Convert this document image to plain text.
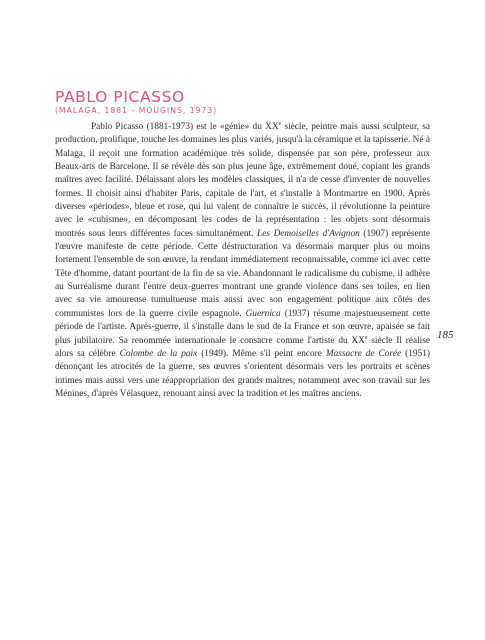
PABLO PICASSO

(MALAGA, 1881 - MOUGINS, 1973)

Pablo Picasso (1881-1973) est le «génie» du XXe siècle, peintre mais aussi sculpteur, sa production, prolifique, touche les domaines les plus variés, jusqu'à la céramique et la tapisserie. Né à Malaga, il reçoit une formation académique très solide, dispensée par son père, professeur aux Beaux-arts de Barcelone. Il se révèle dès son plus jeune âge, extrêmement doué, copiant les grands maîtres avec facilité. Délaissant alors les modèles classiques, il n'a de cesse d'inventer de nouvelles formes. Il choisit ainsi d'habiter Paris, capitale de l'art, et s'installe à Montmartre en 1900. Après diverses «périodes», bleue et rose, qui lui valent de connaître le succès, il révolutionne la peinture avec le «cubisme», en décomposant les codes de la représentation : les objets sont désormais montrés sous leurs différentes faces simultanément. Les Demoiselles d'Avignon (1907) représente l'œuvre manifeste de cette période. Cette déstructuration va désormais marquer plus ou moins fortement l'ensemble de son œuvre, la rendant immédiatement reconnaissable, comme ici avec cette Tête d'homme, datant pourtant de la fin de sa vie. Abandonnant le radicalisme du cubisme, il adhère au Surréalisme durant l'entre deux-guerres montrant une grande violence dans ses toiles, en lien avec sa vie amoureuse tumultueuse mais aussi avec son engagement politique aux côtés des communistes lors de la guerre civile espagnole. Guernica (1937) résume majestueusement cette période de l'artiste. Après-guerre, il s'installe dans le sud de la France et son œuvre, apaisée se fait plus jubilatoire. Sa renommée internationale le consacre comme l'artiste du XXe siècle Il réalise alors sa célèbre Colombe de la paix (1949). Même s'il peint encore Massacre de Corée (1951) dénonçant les atrocités de la guerre, ses œuvres s'orientent désormais vers les portraits et scènes intimes mais aussi vers une réappropriation des grands maîtres, notamment avec son travail sur les Ménines, d'après Vélasquez, renouant ainsi avec la tradition et les maîtres anciens.

185
